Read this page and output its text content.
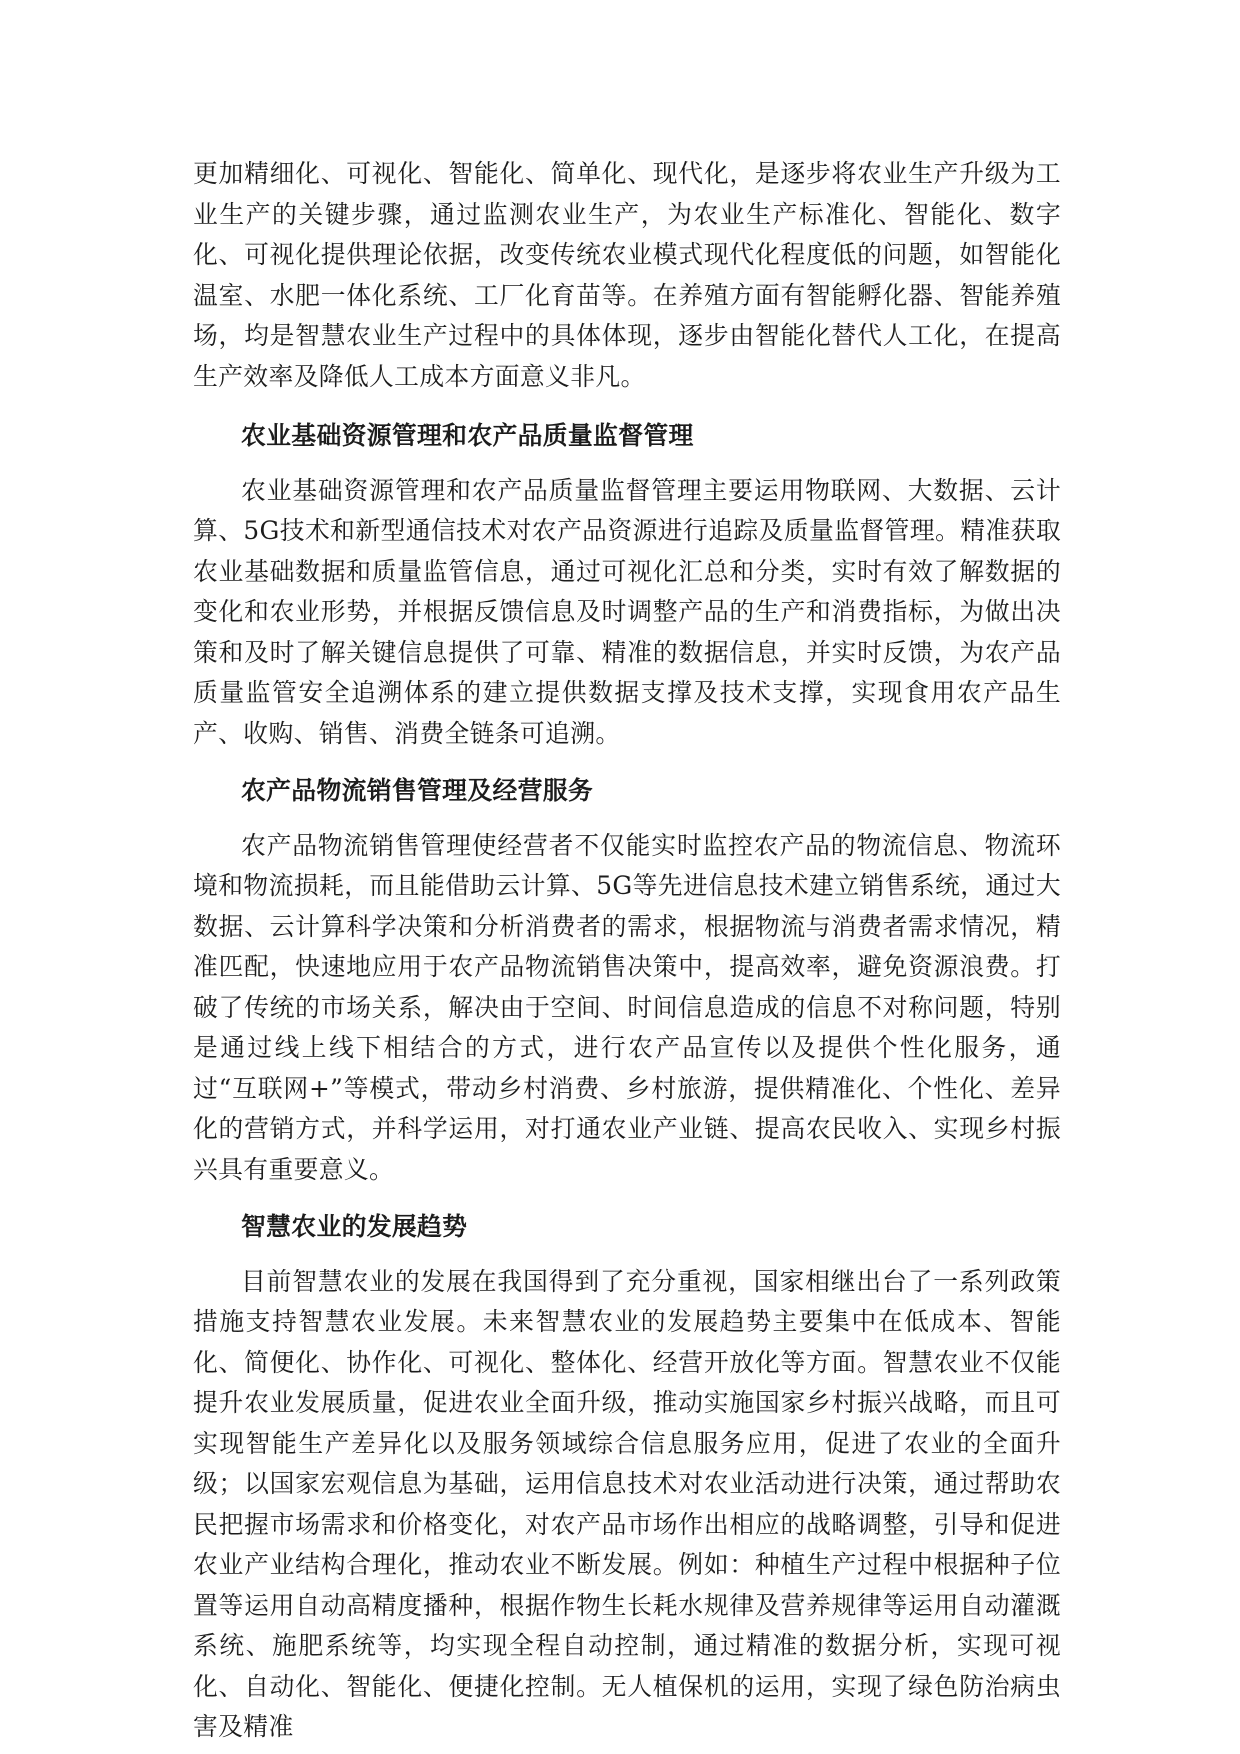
更加精细化、可视化、智能化、简单化、现代化，是逐步将农业生产升级为工业生产的关键步骤，通过监测农业生产，为农业生产标准化、智能化、数字化、可视化提供理论依据，改变传统农业模式现代化程度低的问题，如智能化温室、水肥一体化系统、工厂化育苗等。在养殖方面有智能孵化器、智能养殖场，均是智慧农业生产过程中的具体体现，逐步由智能化替代人工化，在提高生产效率及降低人工成本方面意义非凡。

农业基础资源管理和农产品质量监督管理

农业基础资源管理和农产品质量监督管理主要运用物联网、大数据、云计算、5G技术和新型通信技术对农产品资源进行追踪及质量监督管理。精准获取农业基础数据和质量监管信息，通过可视化汇总和分类，实时有效了解数据的变化和农业形势，并根据反馈信息及时调整产品的生产和消费指标，为做出决策和及时了解关键信息提供了可靠、精准的数据信息，并实时反馈，为农产品质量监管安全追溯体系的建立提供数据支撑及技术支撑，实现食用农产品生产、收购、销售、消费全链条可追溯。

农产品物流销售管理及经营服务

农产品物流销售管理使经营者不仅能实时监控农产品的物流信息、物流环境和物流损耗，而且能借助云计算、5G等先进信息技术建立销售系统，通过大数据、云计算科学决策和分析消费者的需求，根据物流与消费者需求情况，精准匹配，快速地应用于农产品物流销售决策中，提高效率，避免资源浪费。打破了传统的市场关系，解决由于空间、时间信息造成的信息不对称问题，特别是通过线上线下相结合的方式，进行农产品宣传以及提供个性化服务，通过“互联网+”等模式，带动乡村消费、乡村旅游，提供精准化、个性化、差异化的营销方式，并科学运用，对打通农业产业链、提高农民收入、实现乡村振兴具有重要意义。

智慧农业的发展趋势

目前智慧农业的发展在我国得到了充分重视，国家相继出台了一系列政策措施支持智慧农业发展。未来智慧农业的发展趋势主要集中在低成本、智能化、简便化、协作化、可视化、整体化、经营开放化等方面。智慧农业不仅能提升农业发展质量，促进农业全面升级，推动实施国家乡村振兴战略，而且可实现智能生产差异化以及服务领域综合信息服务应用，促进了农业的全面升级；以国家宏观信息为基础，运用信息技术对农业活动进行决策，通过帮助农民把握市场需求和价格变化，对农产品市场作出相应的战略调整，引导和促进农业产业结构合理化，推动农业不断发展。例如：种植生产过程中根据种子位置等运用自动高精度播种，根据作物生长耗水规律及营养规律等运用自动灌溉系统、施肥系统等，均实现全程自动控制，通过精准的数据分析，实现可视化、自动化、智能化、便捷化控制。无人植保机的运用，实现了绿色防治病虫害及精准
